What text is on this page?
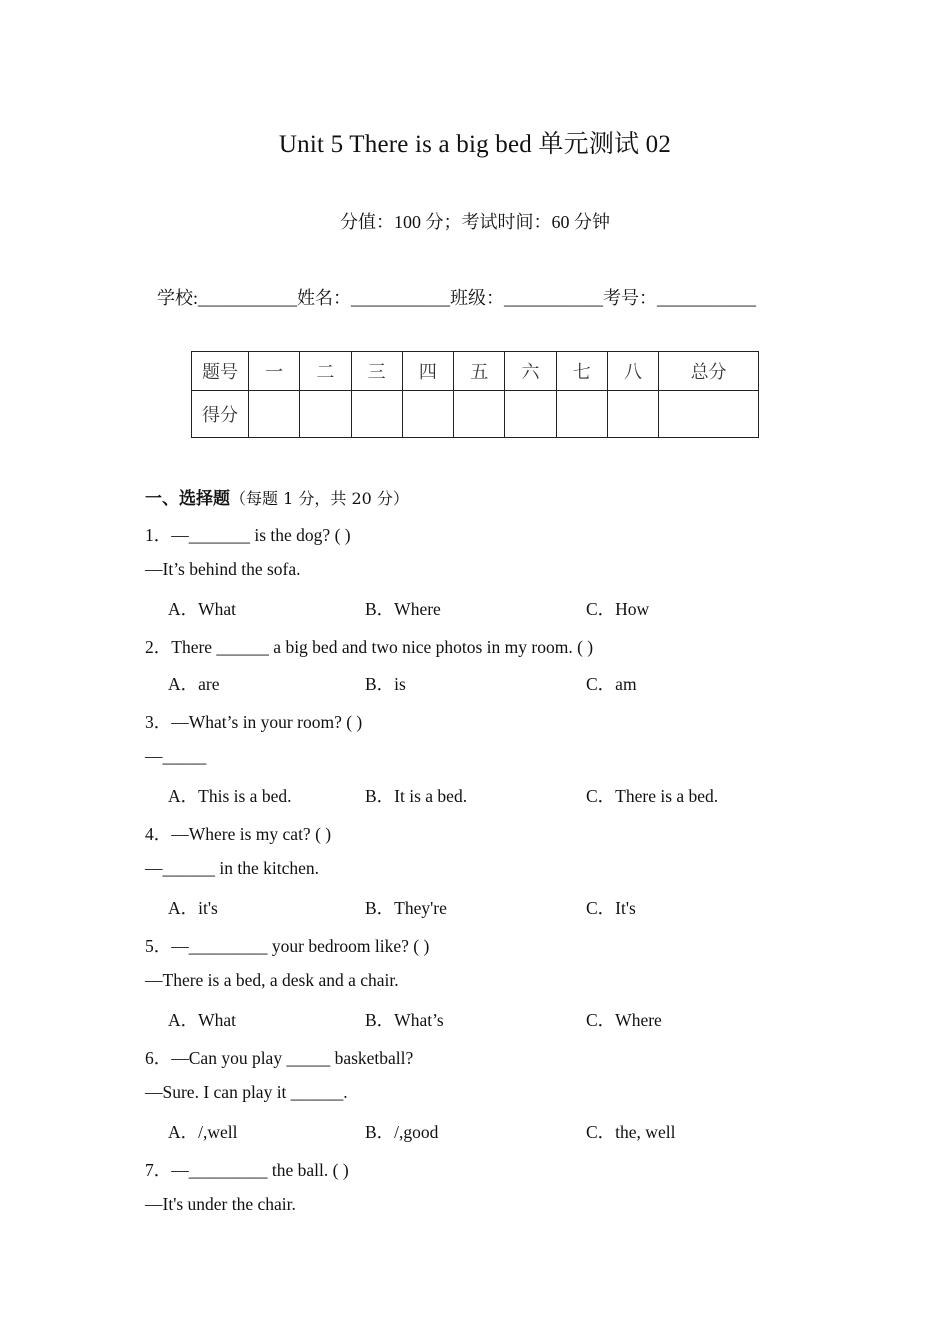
Unit 5 There is a big bed 单元测试 02
分值：100 分；考试时间：60 分钟
学校:___________姓名：___________班级：___________考号：___________
题号	一	二	三	四	五	六	七	八	总分
得分									
一、选择题（每题 1 分，共 20 分）
1．—_______ is the dog? ( )
—It’s behind the sofa.
A．What	B．Where	C．How
2．There ______ a big bed and two nice photos in my room. ( )
A．are	B．is	C．am
3．—What’s in your room? ( )
—_____
A．This is a bed.	B．It is a bed.	C．There is a bed.
4．—Where is my cat? ( )
—______ in the kitchen.
A．it's	B．They're	C．It's
5．—_________ your bedroom like? ( )
—There is a bed, a desk and a chair.
A．What	B．What’s	C．Where
6．—Can you play _____ basketball?
—Sure. I can play it ______.
A．/,well	B．/,good	C．the, well
7．—_________ the ball. ( )
—It's under the chair.
